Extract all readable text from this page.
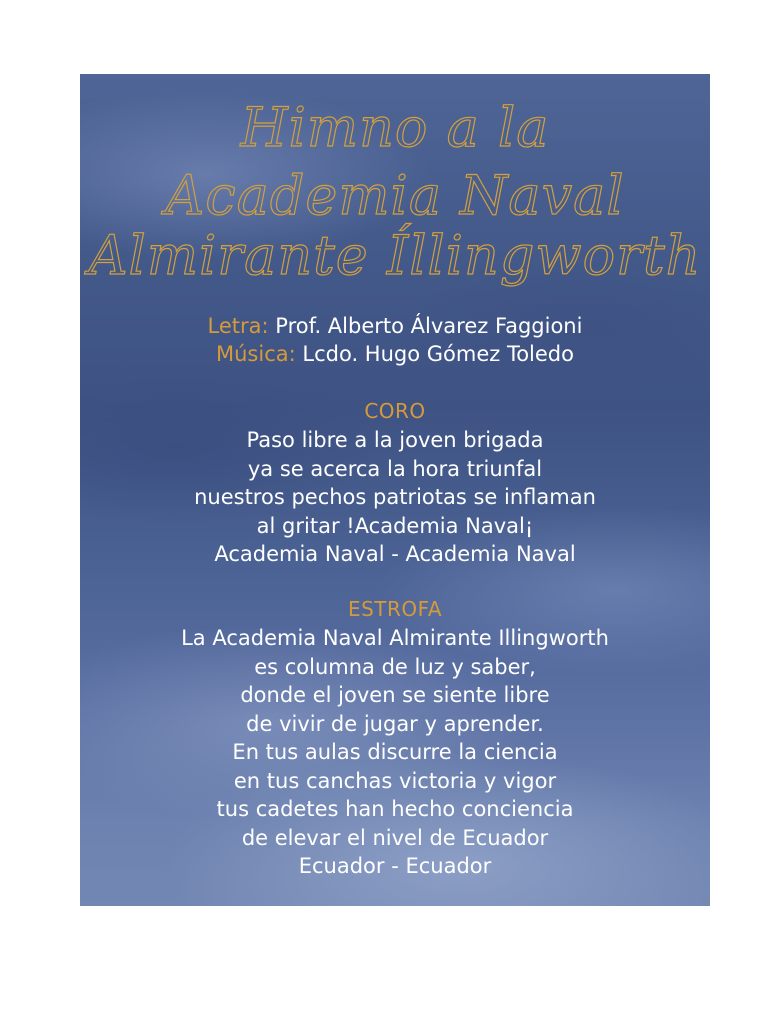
Himno a la
Academia Naval
Almirante Íllingworth
Letra: Prof. Alberto Álvarez Faggioni
Música: Lcdo. Hugo Gómez Toledo
CORO
Paso libre a la joven brigada
ya se acerca la hora triunfal
nuestros pechos patriotas se inflaman
al gritar !Academia Naval¡
Academia Naval - Academia Naval
ESTROFA
La Academia Naval Almirante Illingworth
es columna de luz y saber,
donde el joven se siente libre
de vivir de jugar y aprender.
En tus aulas discurre la ciencia
en tus canchas victoria y vigor
tus cadetes han hecho conciencia
de elevar el nivel de Ecuador
Ecuador - Ecuador
